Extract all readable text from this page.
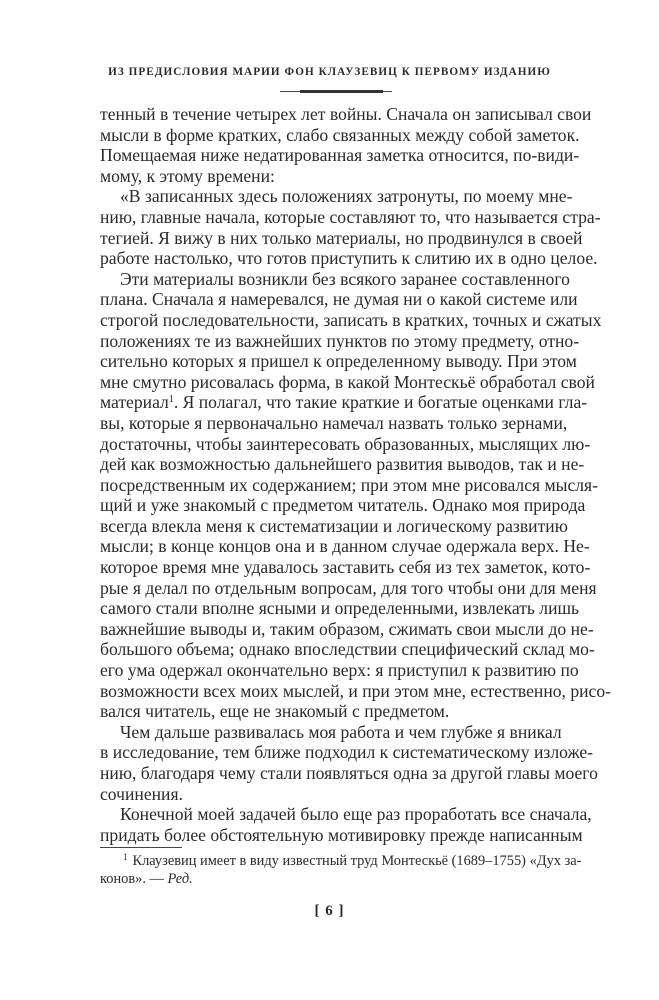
ИЗ ПРЕДИСЛОВИЯ МАРИИ ФОН КЛАУЗЕВИЦ К ПЕРВОМУ ИЗДАНИЮ
тенный в течение четырех лет войны. Сначала он записывал свои
мысли в форме кратких, слабо связанных между собой заметок.
Помещаемая ниже недатированная заметка относится, по-види-
мому, к этому времени:
«В записанных здесь положениях затронуты, по моему мне-
нию, главные начала, которые составляют то, что называется стра-
тегией. Я вижу в них только материалы, но продвинулся в своей
работе настолько, что готов приступить к слитию их в одно целое.
Эти материалы возникли без всякого заранее составленного
плана. Сначала я намеревался, не думая ни о какой системе или
строгой последовательности, записать в кратких, точных и сжатых
положениях те из важнейших пунктов по этому предмету, отно-
сительно которых я пришел к определенному выводу. При этом
мне смутно рисовалась форма, в какой Монтескьё обработал свой
материал$^1$. Я полагал, что такие краткие и богатые оценками гла-
вы, которые я первоначально намечал назвать только зернами,
достаточны, чтобы заинтересовать образованных, мыслящих лю-
дей как возможностью дальнейшего развития выводов, так и не-
посредственным их содержанием; при этом мне рисовался мысля-
щий и уже знакомый с предметом читатель. Однако моя природа
всегда влекла меня к систематизации и логическому развитию
мысли; в конце концов она и в данном случае одержала верх. Не-
которое время мне удавалось заставить себя из тех заметок, кото-
рые я делал по отдельным вопросам, для того чтобы они для меня
самого стали вполне ясными и определенными, извлекать лишь
важнейшие выводы и, таким образом, сжимать свои мысли до не-
большого объема; однако впоследствии специфический склад мо-
его ума одержал окончательно верх: я приступил к развитию по
возможности всех моих мыслей, и при этом мне, естественно, рисо-
вался читатель, еще не знакомый с предметом.
Чем дальше развивалась моя работа и чем глубже я вникал
в исследование, тем ближе подходил к систематическому изложе-
нию, благодаря чему стали появляться одна за другой главы моего
сочинения.
Конечной моей задачей было еще раз проработать все сначала,
придать более обстоятельную мотивировку прежде написанным
$^1$ Клаузевиц имеет в виду известный труд Монтескьё (1689–1755) «Дух за-
конов». — Ред.
[ 6 ]
